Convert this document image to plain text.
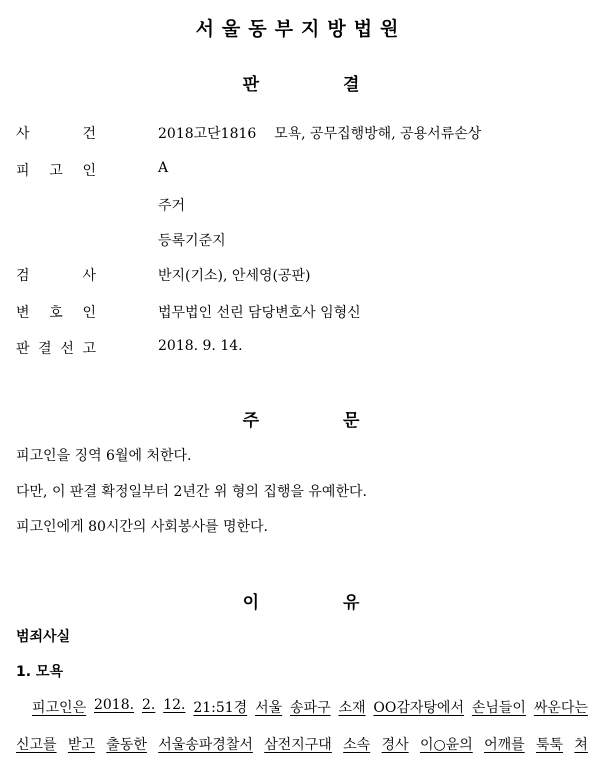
서울동부지방법원
판	결
사	건	2018고단1816    모욕, 공무집행방해, 공용서류손상
피 고 인	A
주거
등록기준지
검	사	반지(기소), 안세영(공판)
변 호 인	법무법인 선린 담당변호사 임형신
판 결 선 고	2018. 9. 14.
주	문
피고인을 징역 6월에 처한다.
다만, 이 판결 확정일부터 2년간 위 형의 집행을 유예한다.
피고인에게 80시간의 사회봉사를 명한다.
이	유
범죄사실
1. 모욕
피고인은 2018. 2. 12. 21:51경 서울 송파구 소재 OO감자탕에서 손님들이 싸운다는
신고를 받고 출동한 서울송파경찰서 삼전지구대 소속 경사 이○윤의 어깨를 툭툭 쳐
